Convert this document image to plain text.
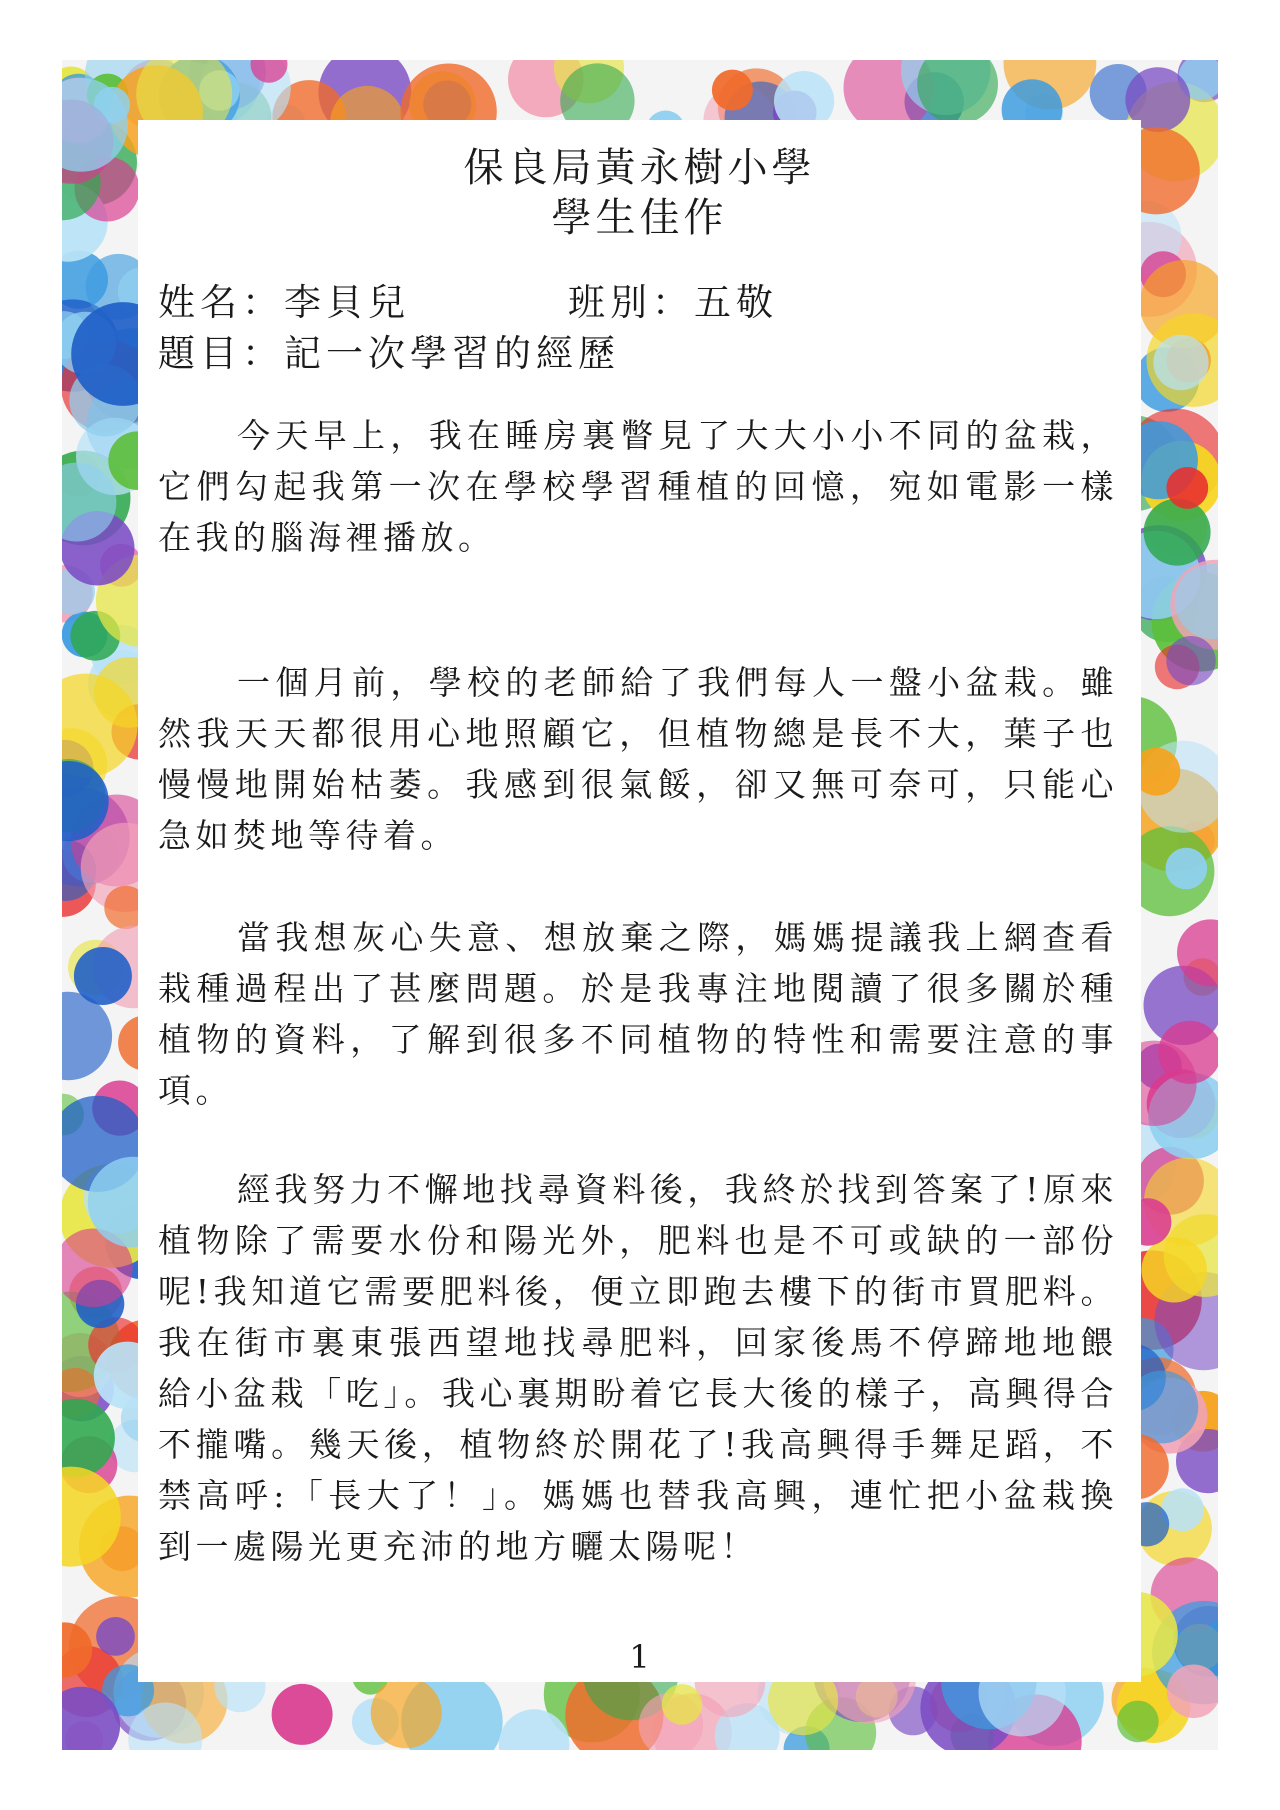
保良局黃永樹小學
學生佳作
姓名：李貝兒	班別：五敬
題目：記一次學習的經歷
今天早上，我在睡房裏瞥見了大大小小不同的盆栽，它們勾起我第一次在學校學習種植的回憶，宛如電影一樣在我的腦海裡播放。
一個月前，學校的老師給了我們每人一盤小盆栽。雖然我天天都很用心地照顧它，但植物總是長不大，葉子也慢慢地開始枯萎。我感到很氣餒，卻又無可奈可，只能心急如焚地等待着。
當我想灰心失意、想放棄之際，媽媽提議我上網查看栽種過程出了甚麼問題。於是我專注地閱讀了很多關於種植物的資料，了解到很多不同植物的特性和需要注意的事項。
經我努力不懈地找尋資料後，我終於找到答案了!原來植物除了需要水份和陽光外，肥料也是不可或缺的一部份呢!我知道它需要肥料後，便立即跑去樓下的街市買肥料。我在街市裏東張西望地找尋肥料，回家後馬不停蹄地地餵給小盆栽「吃」。我心裏期盼着它長大後的樣子，高興得合不攏嘴。幾天後，植物終於開花了!我高興得手舞足蹈，不禁高呼:「長大了！」。媽媽也替我高興，連忙把小盆栽換到一處陽光更充沛的地方曬太陽呢！
1
